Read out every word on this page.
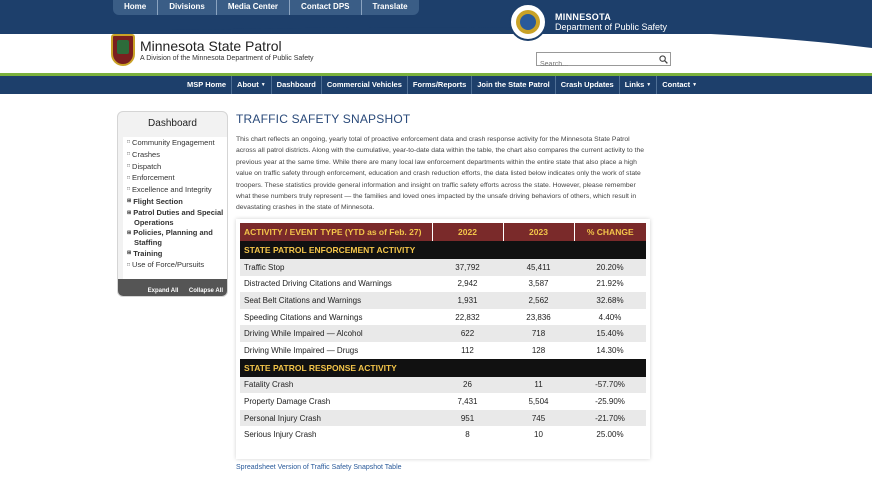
Home	Divisions	Media Center	Contact DPS	Translate
MINNESOTA
Department of Public Safety
Minnesota State Patrol
A Division of the Minnesota Department of Public Safety
Search...
MSP Home	About ▼	Dashboard	Commercial Vehicles	Forms/Reports	Join the State Patrol	Crash Updates	Links ▼	Contact ▼
Dashboard
□ Community Engagement
□ Crashes
□ Dispatch
□ Enforcement
□ Excellence and Integrity
⊞ Flight Section
⊞ Patrol Duties and Special Operations
⊞ Policies, Planning and Staffing
⊞ Training
□ Use of Force/Pursuits
Expand All Collapse All
TRAFFIC SAFETY SNAPSHOT
This chart reflects an ongoing, yearly total of proactive enforcement data and crash response activity for the Minnesota State Patrol across all patrol districts. Along with the cumulative, year-to-date data within the table, the chart also compares the current activity to the previous year at the same time. While there are many local law enforcement departments within the entire state that also place a high value on traffic safety through enforcement, education and crash reduction efforts, the data listed below indicates only the work of state troopers. These statistics provide general information and insight on traffic safety efforts across the state. However, please remember what these numbers truly represent — the families and loved ones impacted by the unsafe driving behaviors of others, which result in devastating crashes in the state of Minnesota.
ACTIVITY / EVENT TYPE (YTD as of Feb. 27)	2022	2023	% CHANGE
STATE PATROL ENFORCEMENT ACTIVITY			
Traffic Stop	37,792	45,411	20.20%
Distracted Driving Citations and Warnings	2,942	3,587	21.92%
Seat Belt Citations and Warnings	1,931	2,562	32.68%
Speeding Citations and Warnings	22,832	23,836	4.40%
Driving While Impaired — Alcohol	622	718	15.40%
Driving While Impaired — Drugs	112	128	14.30%
STATE PATROL RESPONSE ACTIVITY			
Fatality Crash	26	11	-57.70%
Property Damage Crash	7,431	5,504	-25.90%
Personal Injury Crash	951	745	-21.70%
Serious Injury Crash	8	10	25.00%
Spreadsheet Version of Traffic Safety Snapshot Table
